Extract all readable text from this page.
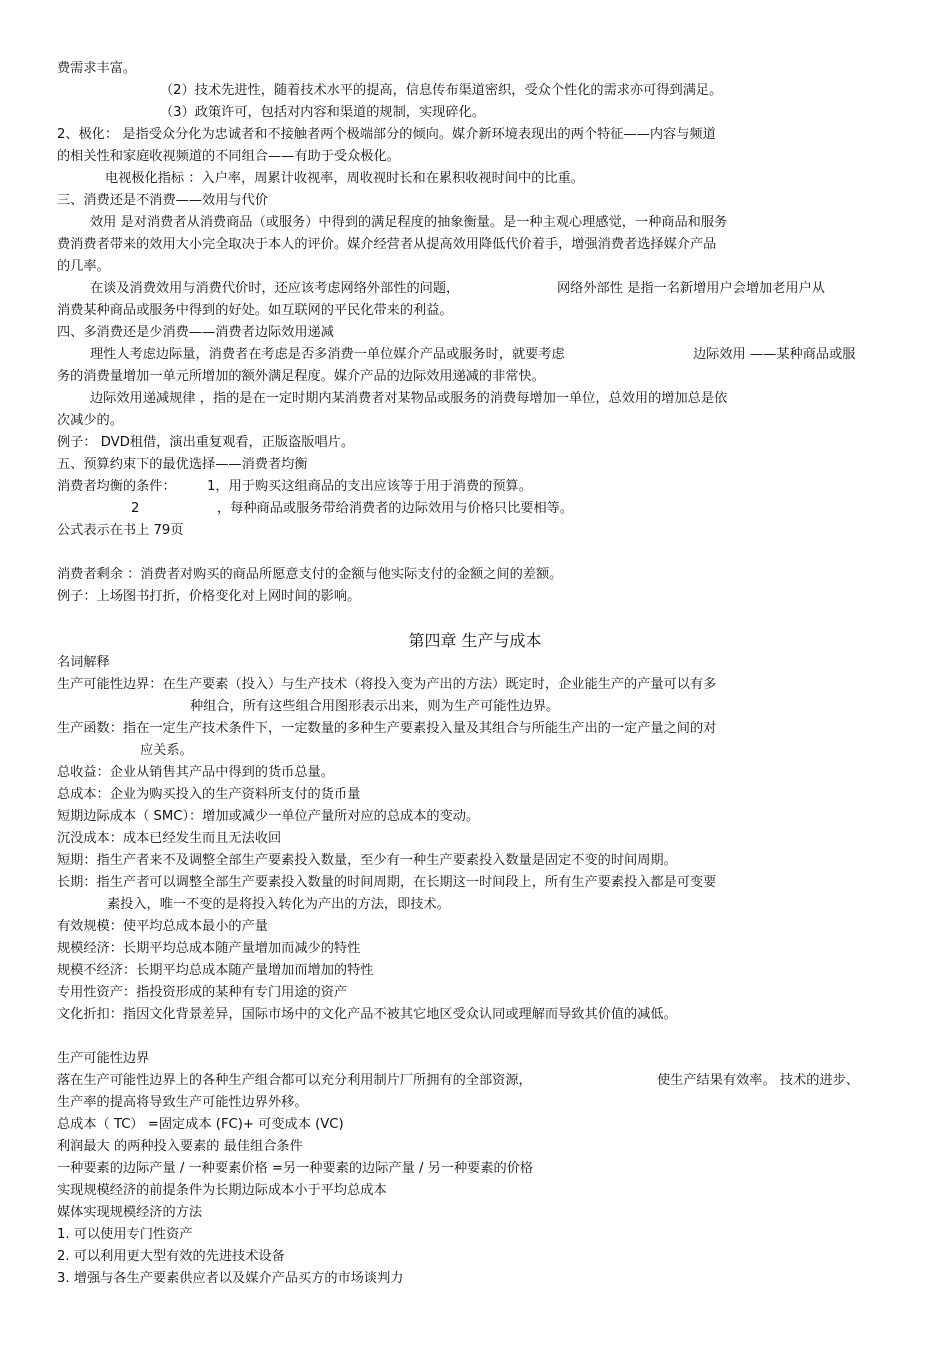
费需求丰富。
（2）技术先进性，随着技术水平的提高，信息传布渠道密织，受众个性化的需求亦可得到满足。
（3）政策许可，包括对内容和渠道的规制，实现碎化。
2、极化： 是指受众分化为忠诚者和不接触者两个极端部分的倾向。媒介新环境表现出的两个特征——内容与频道
的相关性和家庭收视频道的不同组合——有助于受众极化。
电视极化指标 ：入户率，周累计收视率，周收视时长和在累积收视时间中的比重。
三、消费还是不消费——效用与代价
效用 是对消费者从消费商品（或服务）中得到的满足程度的抽象衡量。是一种主观心理感觉，一种商品和服务
费消费者带来的效用大小完全取决于本人的评价。媒介经营者从提高效用降低代价着手，增强消费者选择媒介产品
的几率。
在谈及消费效用与消费代价时，还应该考虑网络外部性的问题，	网络外部性 是指一名新增用户会增加老用户从
消费某种商品或服务中得到的好处。如互联网的平民化带来的利益。
四、多消费还是少消费——消费者边际效用递减
理性人考虑边际量，消费者在考虑是否多消费一单位媒介产品或服务时，就要考虑	边际效用 ——某种商品或服
务的消费量增加一单元所增加的额外满足程度。媒介产品的边际效用递减的非常快。
边际效用递减规律 ，指的是在一定时期内某消费者对某物品或服务的消费每增加一单位，总效用的增加总是依
次减少的。
例子： DVD租借，演出重复观看，正版盗版唱片。
五、预算约束下的最优选择——消费者均衡
消费者均衡的条件： 1，用于购买这组商品的支出应该等于用于消费的预算。
2	，每种商品或服务带给消费者的边际效用与价格只比要相等。
公式表示在书上 79页
消费者剩余 ：消费者对购买的商品所愿意支付的金额与他实际支付的金额之间的差额。
例子：上场图书打折，价格变化对上网时间的影响。
第四章 生产与成本
名词解释
生产可能性边界：在生产要素（投入）与生产技术（将投入变为产出的方法）既定时，企业能生产的产量可以有多
种组合，所有这些组合用图形表示出来，则为生产可能性边界。
生产函数：指在一定生产技术条件下，一定数量的多种生产要素投入量及其组合与所能生产出的一定产量之间的对
应关系。
总收益：企业从销售其产品中得到的货币总量。
总成本：企业为购买投入的生产资料所支付的货币量
短期边际成本（ SMC）：增加或减少一单位产量所对应的总成本的变动。
沉没成本：成本已经发生而且无法收回
短期：指生产者来不及调整全部生产要素投入数量，至少有一种生产要素投入数量是固定不变的时间周期。
长期：指生产者可以调整全部生产要素投入数量的时间周期，在长期这一时间段上，所有生产要素投入都是可变要
素投入，唯一不变的是将投入转化为产出的方法，即技术。
有效规模：使平均总成本最小的产量
规模经济：长期平均总成本随产量增加而减少的特性
规模不经济：长期平均总成本随产量增加而增加的特性
专用性资产：指投资形成的某种有专门用途的资产
文化折扣：指因文化背景差异，国际市场中的文化产品不被其它地区受众认同或理解而导致其价值的减低。
生产可能性边界
落在生产可能性边界上的各种生产组合都可以充分利用制片厂所拥有的全部资源，	使生产结果有效率。 技术的进步、
生产率的提高将导致生产可能性边界外移。
总成本（ TC） =固定成本 (FC)+ 可变成本 (VC)
利润最大 的两种投入要素的 最佳组合条件
一种要素的边际产量 / 一种要素价格 =另一种要素的边际产量 / 另一种要素的价格
实现规模经济的前提条件为长期边际成本小于平均总成本
媒体实现规模经济的方法
1. 可以使用专门性资产
2. 可以利用更大型有效的先进技术设备
3. 增强与各生产要素供应者以及媒介产品买方的市场谈判力
